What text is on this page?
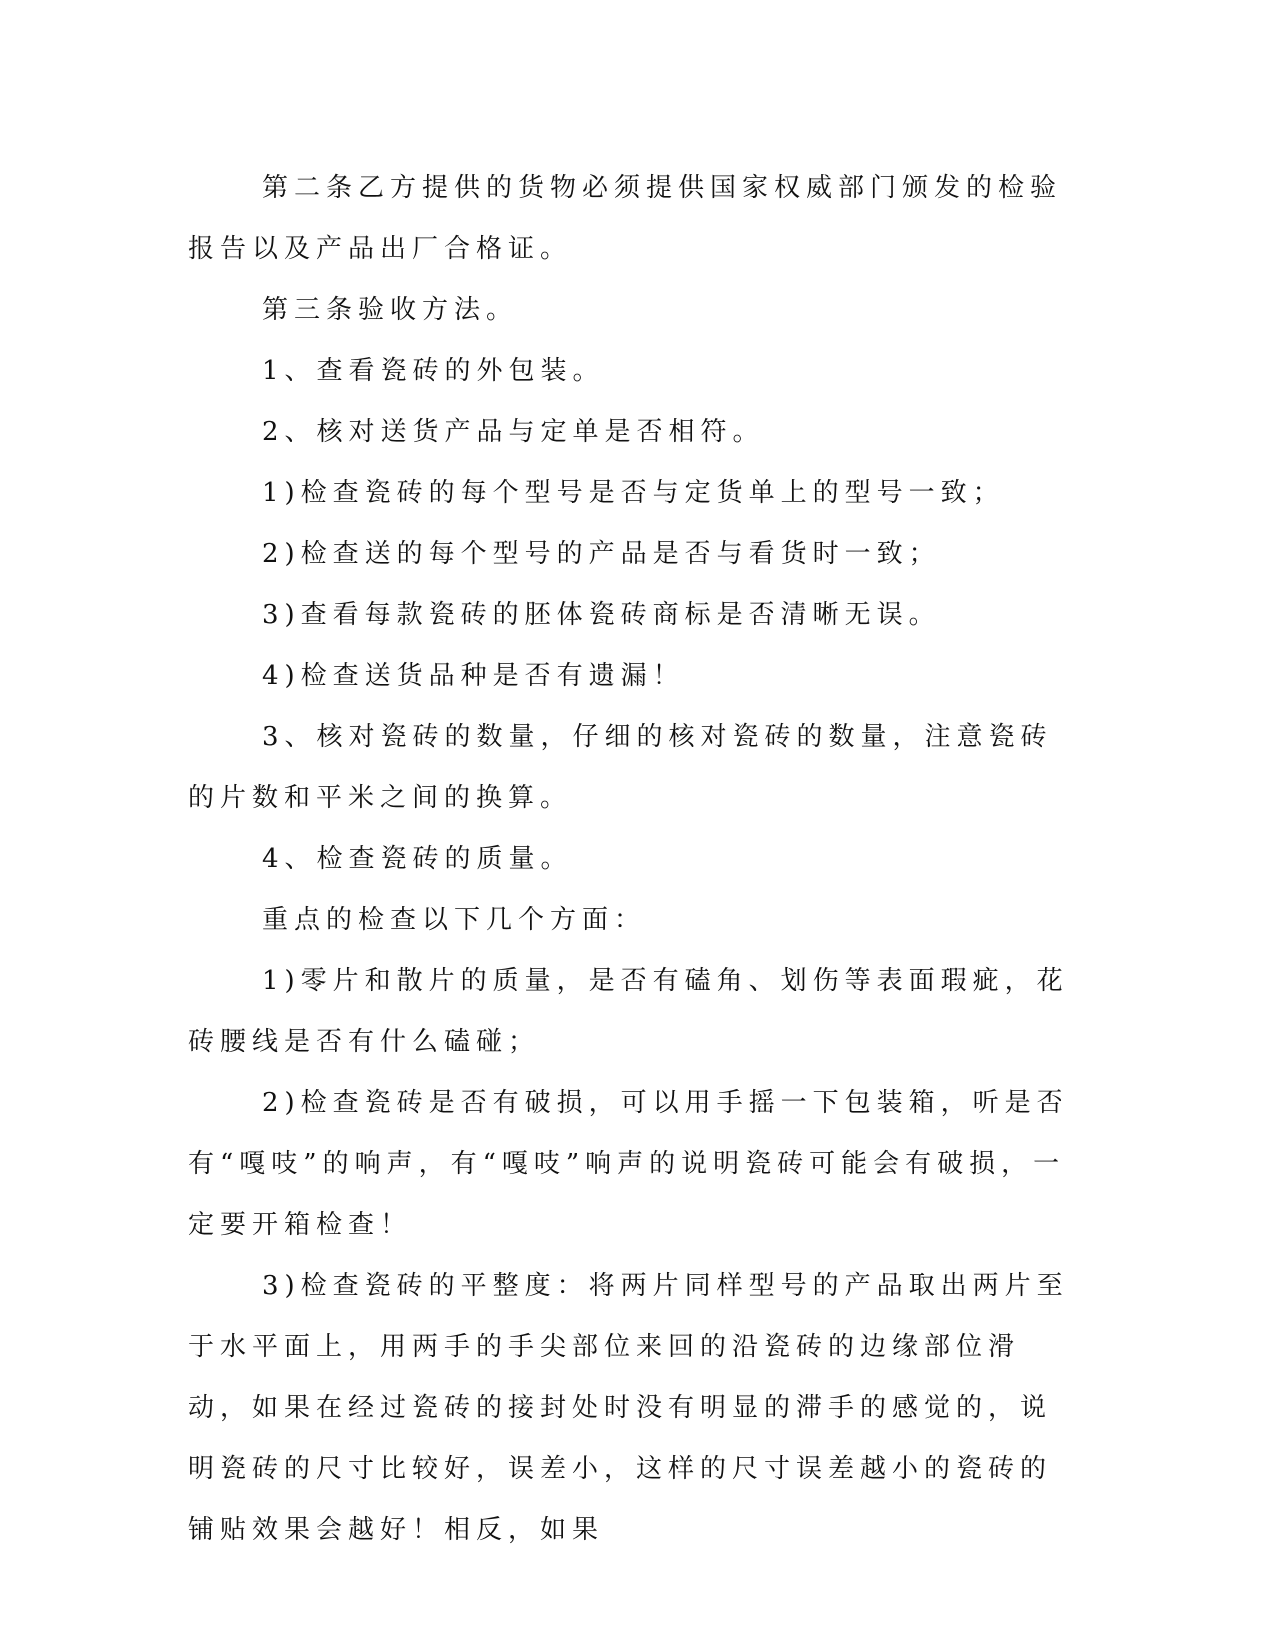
第二条乙方提供的货物必须提供国家权威部门颁发的检验报告以及产品出厂合格证。

第三条验收方法。

1、查看瓷砖的外包装。

2、核对送货产品与定单是否相符。

1)检查瓷砖的每个型号是否与定货单上的型号一致；

2)检查送的每个型号的产品是否与看货时一致；

3)查看每款瓷砖的胚体瓷砖商标是否清晰无误。

4)检查送货品种是否有遗漏！

3、核对瓷砖的数量，仔细的核对瓷砖的数量，注意瓷砖的片数和平米之间的换算。

4、检查瓷砖的质量。

重点的检查以下几个方面：

1)零片和散片的质量，是否有磕角、划伤等表面瑕疵，花砖腰线是否有什么磕碰；

2)检查瓷砖是否有破损，可以用手摇一下包装箱，听是否有“嘎吱”的响声，有“嘎吱”响声的说明瓷砖可能会有破损，一定要开箱检查！

3)检查瓷砖的平整度：将两片同样型号的产品取出两片至于水平面上，用两手的手尖部位来回的沿瓷砖的边缘部位滑动，如果在经过瓷砖的接封处时没有明显的滞手的感觉的，说明瓷砖的尺寸比较好，误差小，这样的尺寸误差越小的瓷砖的铺贴效果会越好！相反，如果
